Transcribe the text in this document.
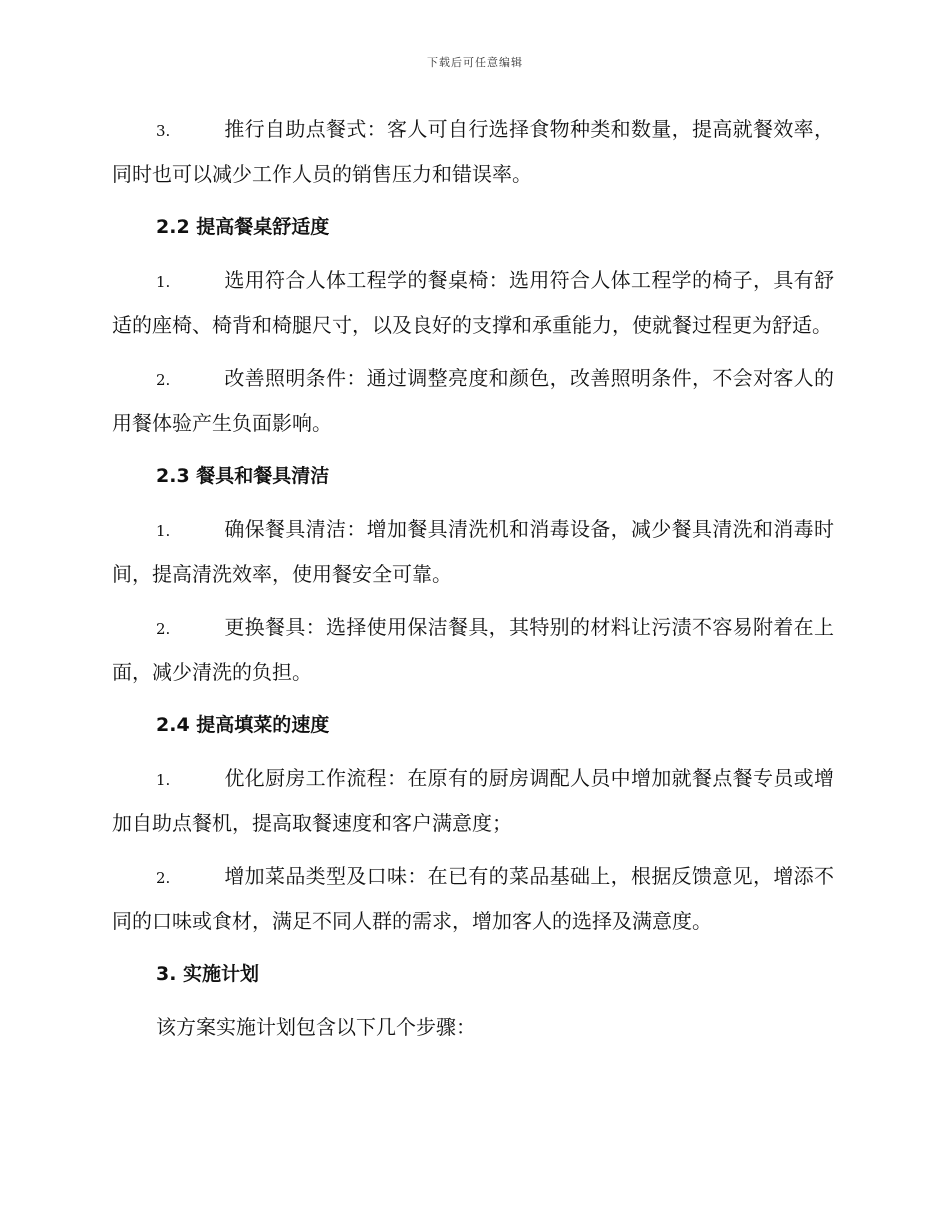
下载后可任意编辑

3.	推行自助点餐式：客人可自行选择食物种类和数量，提高就餐效率，同时也可以减少工作人员的销售压力和错误率。

2.2 提高餐桌舒适度

1.	选用符合人体工程学的餐桌椅：选用符合人体工程学的椅子，具有舒适的座椅、椅背和椅腿尺寸，以及良好的支撑和承重能力，使就餐过程更为舒适。

2.	改善照明条件：通过调整亮度和颜色，改善照明条件，不会对客人的用餐体验产生负面影响。

2.3 餐具和餐具清洁

1.	确保餐具清洁：增加餐具清洗机和消毒设备，减少餐具清洗和消毒时间，提高清洗效率，使用餐安全可靠。

2.	更换餐具：选择使用保洁餐具，其特别的材料让污渍不容易附着在上面，减少清洗的负担。

2.4 提高填菜的速度

1.	优化厨房工作流程：在原有的厨房调配人员中增加就餐点餐专员或增加自助点餐机，提高取餐速度和客户满意度；

2.	增加菜品类型及口味：在已有的菜品基础上，根据反馈意见，增添不同的口味或食材，满足不同人群的需求，增加客人的选择及满意度。

3. 实施计划

该方案实施计划包含以下几个步骤：
